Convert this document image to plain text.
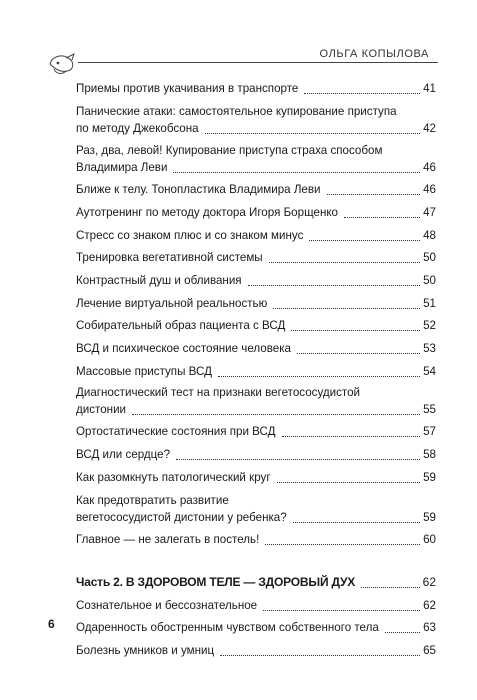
ОЛЬГА КОПЫЛОВА
Приемы против укачивания в транспорте	41
Панические атаки: самостоятельное купирование приступа
по методу Джекобсона	42
Раз, два, левой! Купирование приступа страха способом
Владимира Леви	46
Ближе к телу. Тонопластика Владимира Леви	46
Аутотренинг по методу доктора Игоря Борщенко	47
Стресс со знаком плюс и со знаком минус	48
Тренировка вегетативной системы	50
Контрастный душ и обливания	50
Лечение виртуальной реальностью	51
Собирательный образ пациента с ВСД	52
ВСД и психическое состояние человека	53
Массовые приступы ВСД	54
Диагностический тест на признаки вегетососудистой
дистонии	55
Ортостатические состояния при ВСД	57
ВСД или сердце?	58
Как разомкнуть патологический круг	59
Как предотвратить развитие
вегетососудистой дистонии у ребенка?	59
Главное — не залегать в постель!	60
Часть 2. В ЗДОРОВОМ ТЕЛЕ — ЗДОРОВЫЙ ДУХ	62
Сознательное и бессознательное	62
Одаренность обостренным чувством собственного тела	63
Болезнь умников и умниц	65
6
